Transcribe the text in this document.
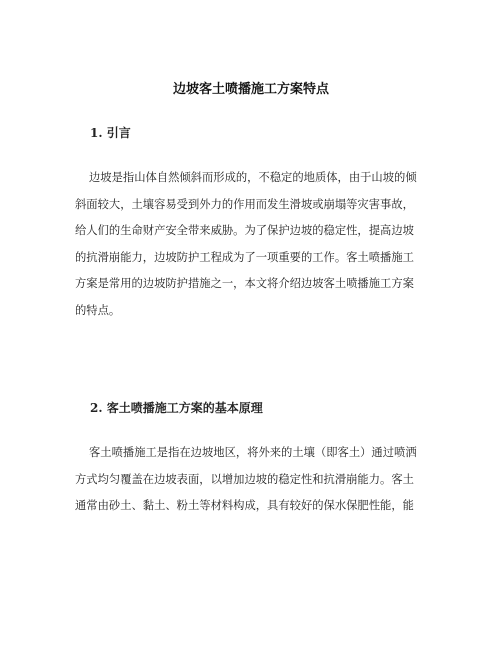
边坡客土喷播施工方案特点
1. 引言

边坡是指山体自然倾斜而形成的，不稳定的地质体，由于山坡的倾
斜面较大，土壤容易受到外力的作用而发生滑坡或崩塌等灾害事故，
给人们的生命财产安全带来威胁。为了保护边坡的稳定性，提高边坡
的抗滑崩能力，边坡防护工程成为了一项重要的工作。客土喷播施工
方案是常用的边坡防护措施之一，本文将介绍边坡客土喷播施工方案
的特点。

2. 客土喷播施工方案的基本原理

客土喷播施工是指在边坡地区，将外来的土壤（即客土）通过喷洒
方式均匀覆盖在边坡表面，以增加边坡的稳定性和抗滑崩能力。客土
通常由砂土、黏土、粉土等材料构成，具有较好的保水保肥性能，能
